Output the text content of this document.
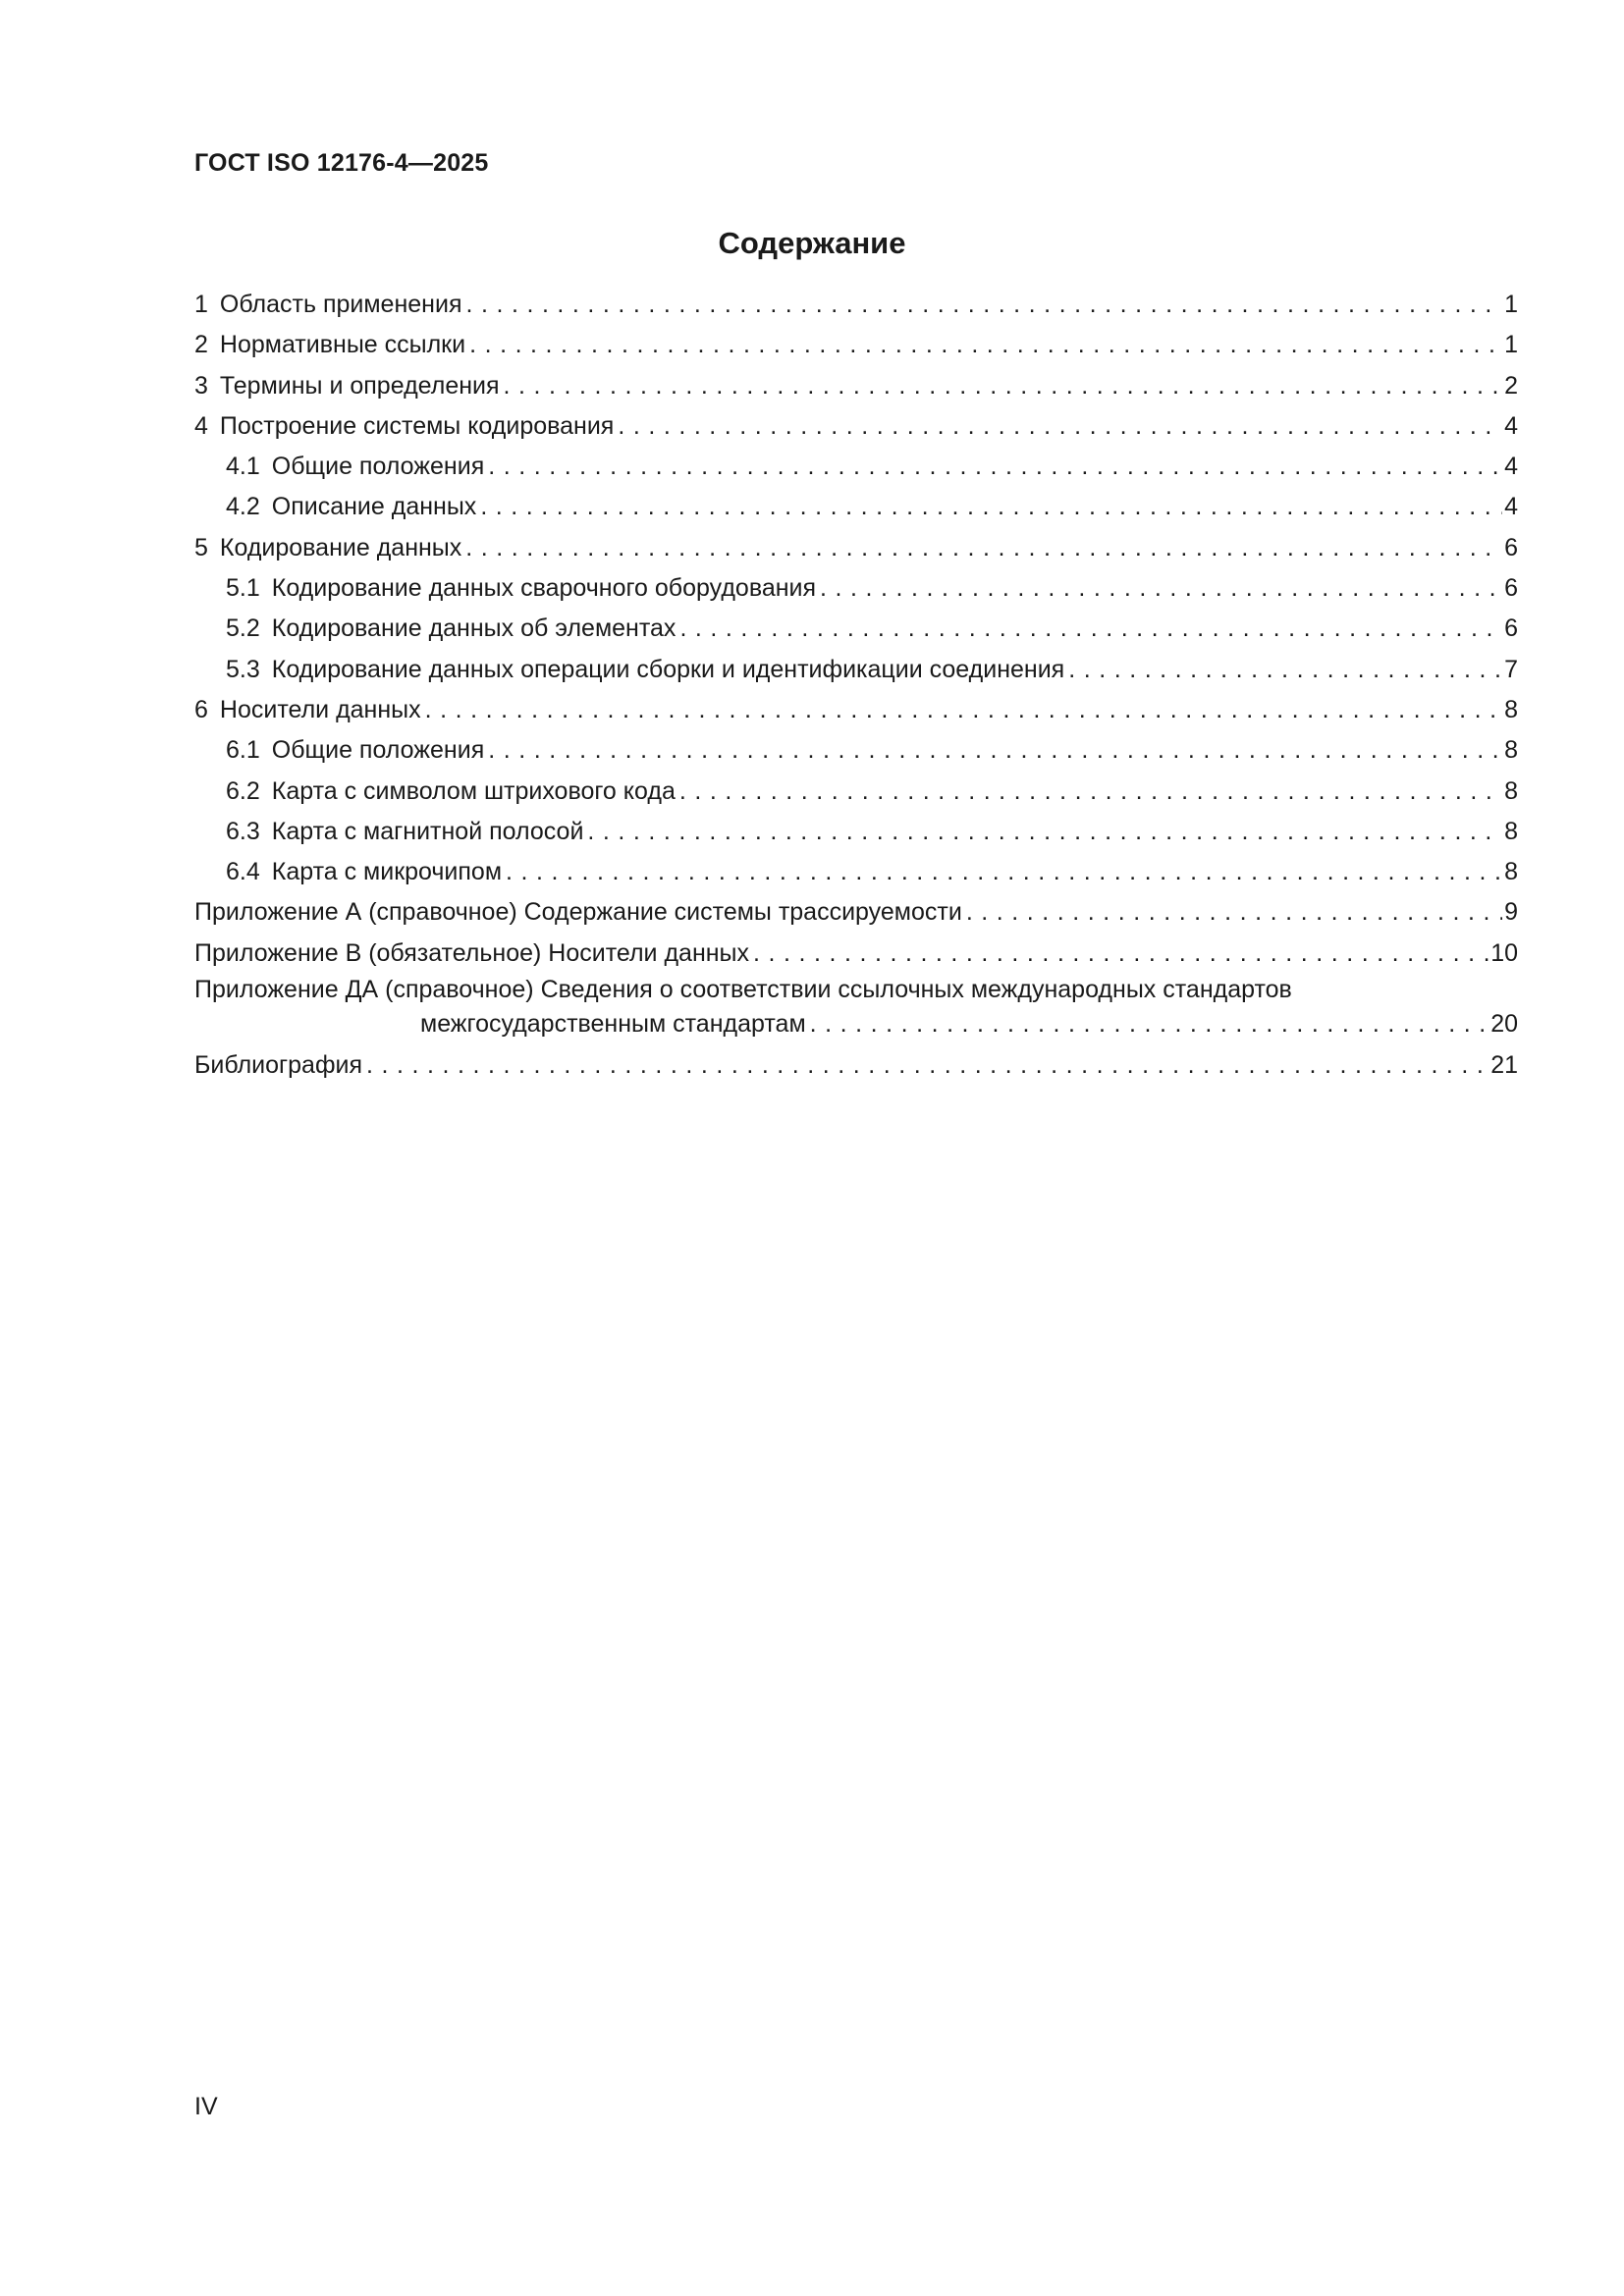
ГОСТ ISO 12176-4—2025
Содержание
1 Область применения . . .	1
2 Нормативные ссылки . . .	1
3 Термины и определения . . .	2
4 Построение системы кодирования . . .	4
4.1 Общие положения . . .	4
4.2 Описание данных . . .	4
5 Кодирование данных . . .	6
5.1 Кодирование данных сварочного оборудования . . .	6
5.2 Кодирование данных об элементах . . .	6
5.3 Кодирование данных операции сборки и идентификации соединения . . .	7
6 Носители данных . . .	8
6.1 Общие положения . . .	8
6.2 Карта с символом штрихового кода . . .	8
6.3 Карта с магнитной полосой . . .	8
6.4 Карта с микрочипом . . .	8
Приложение А (справочное) Содержание системы трассируемости . . .	9
Приложение В (обязательное) Носители данных . . .	10
Приложение ДА (справочное) Сведения о соответствии ссылочных международных стандартов
межгосударственным стандартам . . .	20
Библиография . . .	21
IV
